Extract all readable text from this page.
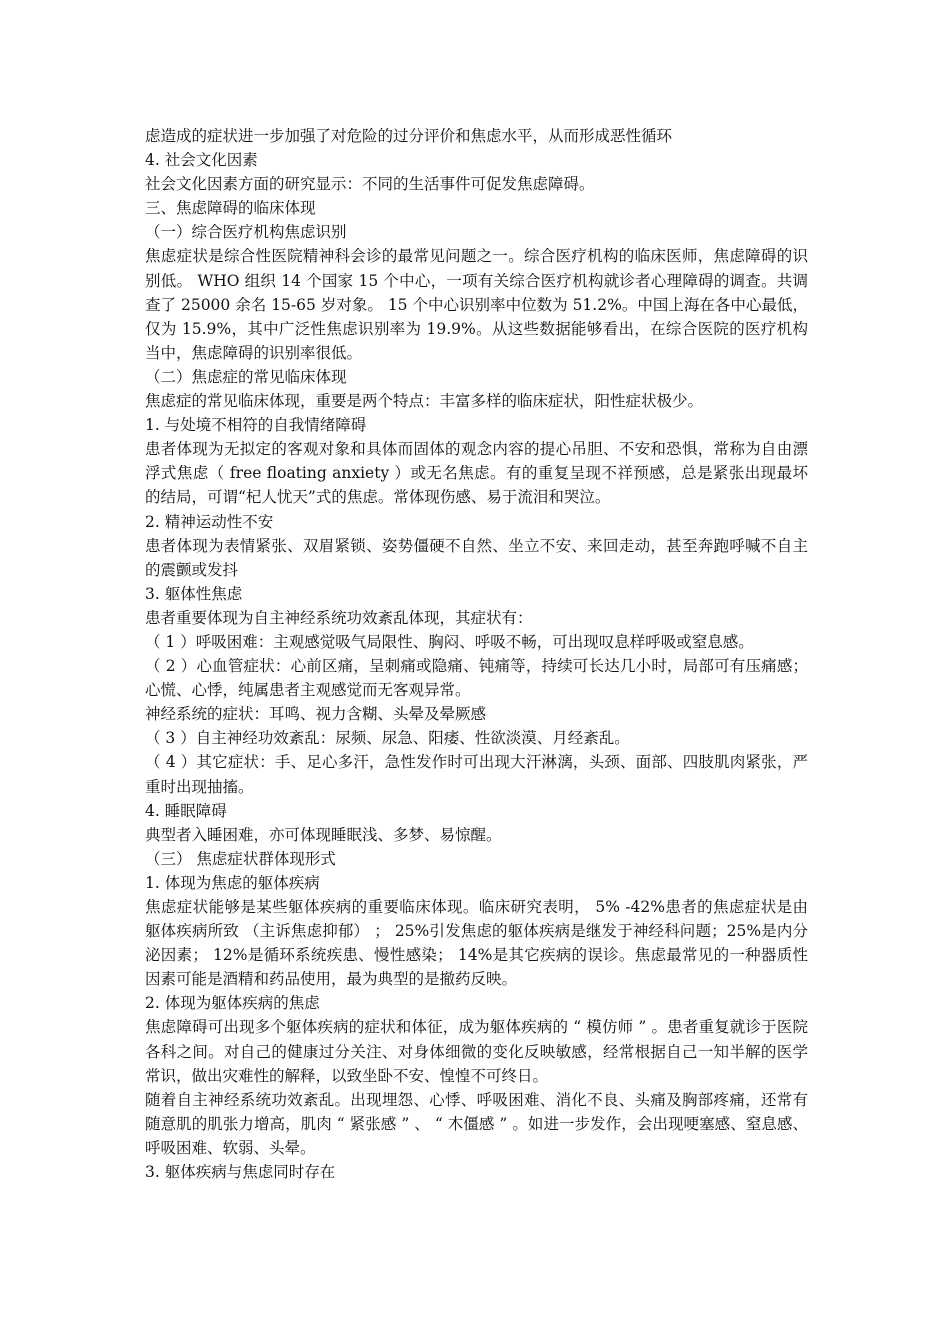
虑造成的症状进一步加强了对危险的过分评价和焦虑水平，从而形成恶性循环

4. 社会文化因素

社会文化因素方面的研究显示：不同的生活事件可促发焦虑障碍。

三、焦虑障碍的临床体现

（一）综合医疗机构焦虑识别

焦虑症状是综合性医院精神科会诊的最常见问题之一。综合医疗机构的临床医师，焦虑障碍的识别低。 WHO 组织 14 个国家 15 个中心，一项有关综合医疗机构就诊者心理障碍的调查。共调查了 25000 余名 15-65 岁对象。 15 个中心识别率中位数为 51.2%。中国上海在各中心最低，仅为 15.9%，其中广泛性焦虑识别率为 19.9%。从这些数据能够看出，在综合医院的医疗机构当中，焦虑障碍的识别率很低。

（二）焦虑症的常见临床体现

焦虑症的常见临床体现，重要是两个特点：丰富多样的临床症状，阳性症状极少。

1. 与处境不相符的自我情绪障碍

患者体现为无拟定的客观对象和具体而固体的观念内容的提心吊胆、不安和恐惧，常称为自由漂浮式焦虑（ free floating anxiety ）或无名焦虑。有的重复呈现不祥预感，总是紧张出现最坏的结局，可谓“杞人忧天”式的焦虑。常体现伤感、易于流泪和哭泣。

2. 精神运动性不安

患者体现为表情紧张、双眉紧锁、姿势僵硬不自然、坐立不安、来回走动，甚至奔跑呼喊不自主的震颤或发抖

3. 躯体性焦虑

患者重要体现为自主神经系统功效紊乱体现，其症状有：

（ 1 ）呼吸困难：主观感觉吸气局限性、胸闷、呼吸不畅，可出现叹息样呼吸或窒息感。

（ 2 ）心血管症状：心前区痛，呈刺痛或隐痛、钝痛等，持续可长达几小时，局部可有压痛感；心慌、心悸，纯属患者主观感觉而无客观异常。

神经系统的症状：耳鸣、视力含糊、头晕及晕厥感

（ 3 ）自主神经功效紊乱：尿频、尿急、阳痿、性欲淡漠、月经紊乱。

（ 4 ）其它症状：手、足心多汗，急性发作时可出现大汗淋漓，头颈、面部、四肢肌肉紧张，严重时出现抽搐。

4. 睡眠障碍

典型者入睡困难，亦可体现睡眠浅、多梦、易惊醒。

（三） 焦虑症状群体现形式

1. 体现为焦虑的躯体疾病

焦虑症状能够是某些躯体疾病的重要临床体现。临床研究表明， 5% -42%患者的焦虑症状是由躯体疾病所致 （主诉焦虑抑郁） ； 25%引发焦虑的躯体疾病是继发于神经科问题；25%是内分泌因素； 12%是循环系统疾患、慢性感染； 14%是其它疾病的误诊。焦虑最常见的一种器质性因素可能是酒精和药品使用，最为典型的是撤药反映。

2. 体现为躯体疾病的焦虑

焦虑障碍可出现多个躯体疾病的症状和体征，成为躯体疾病的 “ 模仿师 ” 。患者重复就诊于医院各科之间。对自己的健康过分关注、对身体细微的变化反映敏感，经常根据自己一知半解的医学常识，做出灾难性的解释，以致坐卧不安、惶惶不可终日。

随着自主神经系统功效紊乱。出现埋怨、心悸、呼吸困难、消化不良、头痛及胸部疼痛，还常有随意肌的肌张力增高，肌肉 “ 紧张感 ” 、 “ 木僵感 ” 。如进一步发作，会出现哽塞感、窒息感、呼吸困难、软弱、头晕。

3. 躯体疾病与焦虑同时存在
